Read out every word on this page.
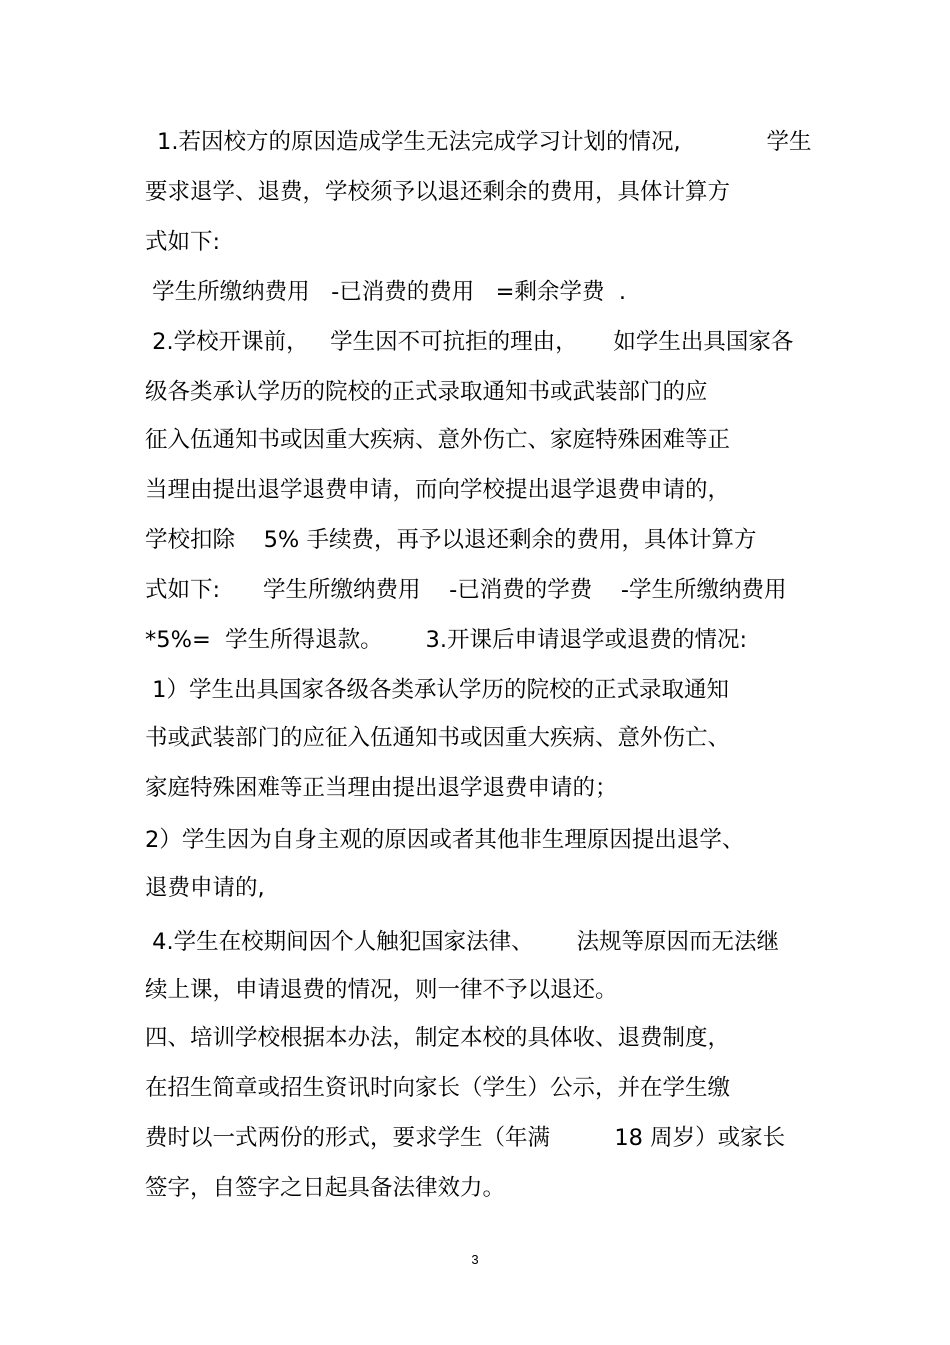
1.若因校方的原因造成学生无法完成学习计划的情况,            学生

要求退学、退费，学校须予以退还剩余的费用，具体计算方

式如下:

学生所缴纳费用   -已消费的费用   =剩余学费  .

2.学校开课前，   学生因不可抗拒的理由，     如学生出具国家各

级各类承认学历的院校的正式录取通知书或武装部门的应

征入伍通知书或因重大疾病、意外伤亡、家庭特殊困难等正

当理由提出退学退费申请，而向学校提出退学退费申请的，

学校扣除    5% 手续费，再予以退还剩余的费用，具体计算方

式如下:      学生所缴纳费用    -已消费的学费    -学生所缴纳费用

*5%=  学生所得退款。      3.开课后申请退学或退费的情况:

1）学生出具国家各级各类承认学历的院校的正式录取通知

书或武装部门的应征入伍通知书或因重大疾病、意外伤亡、

家庭特殊困难等正当理由提出退学退费申请的；

2）学生因为自身主观的原因或者其他非生理原因提出退学、

退费申请的,

4.学生在校期间因个人触犯国家法律、      法规等原因而无法继

续上课，申请退费的情况，则一律不予以退还。

四、培训学校根据本办法，制定本校的具体收、退费制度，

在招生简章或招生资讯时向家长（学生）公示，并在学生缴

费时以一式两份的形式，要求学生（年满         18 周岁）或家长

签字，自签字之日起具备法律效力。

3
